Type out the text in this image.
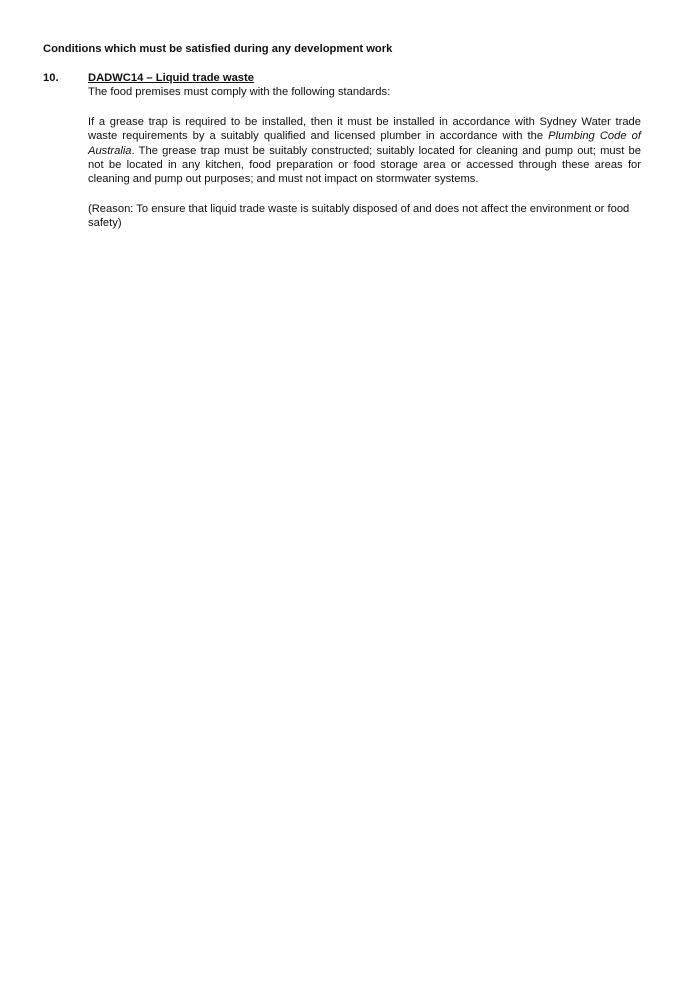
Conditions which must be satisfied during any development work
10.	DADWC14 – Liquid trade waste

The food premises must comply with the following standards:

If a grease trap is required to be installed, then it must be installed in accordance with Sydney Water trade waste requirements by a suitably qualified and licensed plumber in accordance with the Plumbing Code of Australia. The grease trap must be suitably constructed; suitably located for cleaning and pump out; must be not be located in any kitchen, food preparation or food storage area or accessed through these areas for cleaning and pump out purposes; and must not impact on stormwater systems.

(Reason: To ensure that liquid trade waste is suitably disposed of and does not affect the environment or food safety)
